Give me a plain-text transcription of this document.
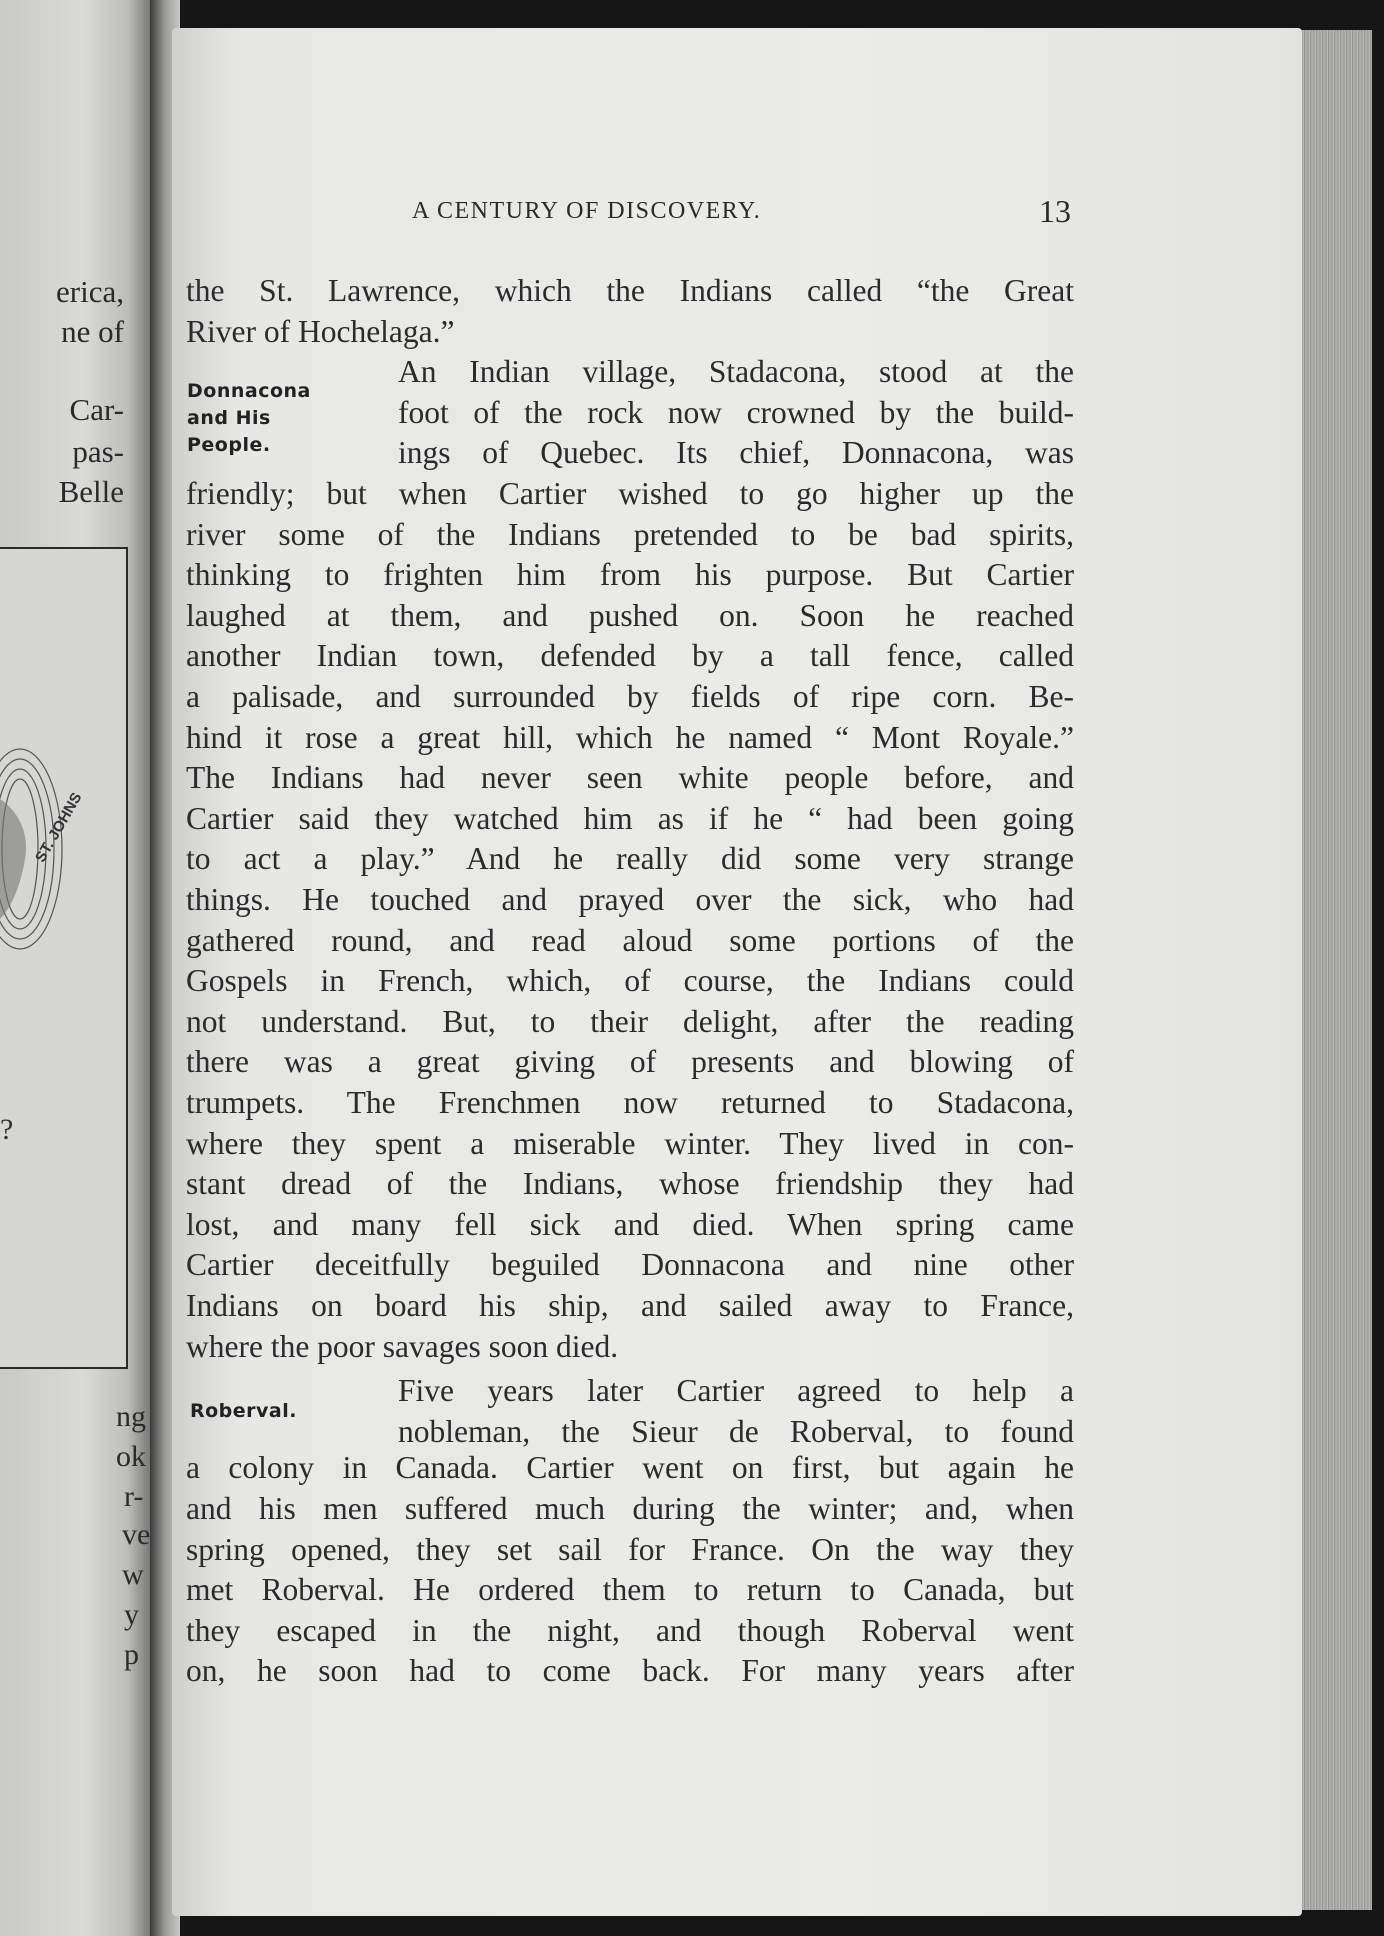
erica,
ne of
Car-
pas-
Belle
?
ST. JOHNS
ng
ok
r-
ve
w
y
p
A CENTURY OF DISCOVERY.	13
Donnacona
and His
People.
Roberval.
the St. Lawrence, which the Indians called “the Great
River of Hochelaga.”
An Indian village, Stadacona, stood at the
foot of the rock now crowned by the build-
ings of Quebec. Its chief, Donnacona, was
friendly; but when Cartier wished to go higher up the
river some of the Indians pretended to be bad spirits,
thinking to frighten him from his purpose. But Cartier
laughed at them, and pushed on. Soon he reached
another Indian town, defended by a tall fence, called
a palisade, and surrounded by fields of ripe corn. Be-
hind it rose a great hill, which he named “ Mont Royale.”
The Indians had never seen white people before, and
Cartier said they watched him as if he “ had been going
to act a play.” And he really did some very strange
things. He touched and prayed over the sick, who had
gathered round, and read aloud some portions of the
Gospels in French, which, of course, the Indians could
not understand. But, to their delight, after the reading
there was a great giving of presents and blowing of
trumpets. The Frenchmen now returned to Stadacona,
where they spent a miserable winter. They lived in con-
stant dread of the Indians, whose friendship they had
lost, and many fell sick and died. When spring came
Cartier deceitfully beguiled Donnacona and nine other
Indians on board his ship, and sailed away to France,
where the poor savages soon died.
Five years later Cartier agreed to help a
nobleman, the Sieur de Roberval, to found
a colony in Canada. Cartier went on first, but again he
and his men suffered much during the winter; and, when
spring opened, they set sail for France. On the way they
met Roberval. He ordered them to return to Canada, but
they escaped in the night, and though Roberval went
on, he soon had to come back. For many years after
